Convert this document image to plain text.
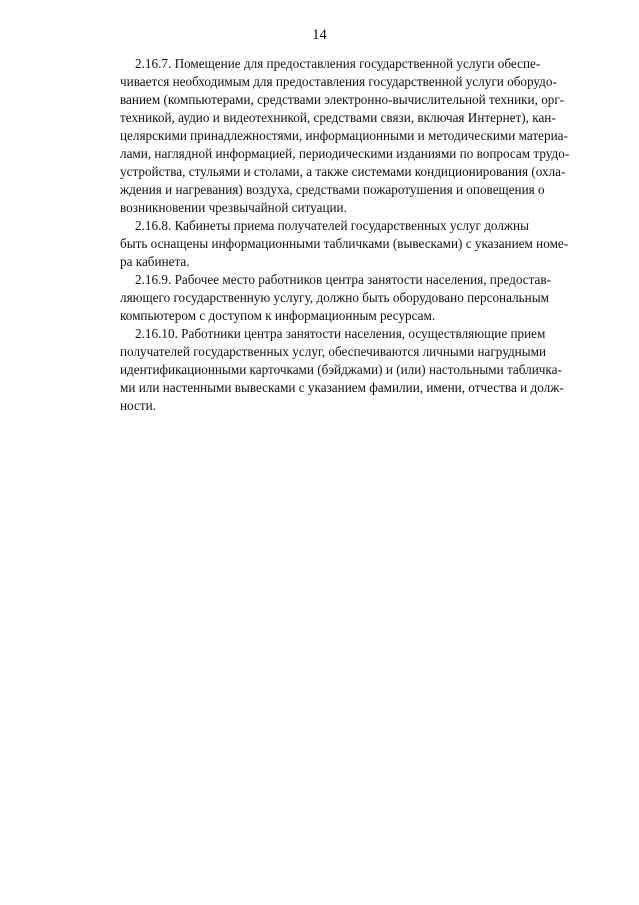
14
2.16.7. Помещение для предоставления государственной услуги обеспе-
чивается необходимым для предоставления государственной услуги оборудо-
ванием (компьютерами, средствами электронно-вычислительной техники, орг-
техникой, аудио и видеотехникой, средствами связи, включая Интернет), кан-
целярскими принадлежностями, информационными и методическими материа-
лами, наглядной информацией, периодическими изданиями по вопросам трудо-
устройства, стульями и столами, а также системами кондиционирования (охла-
ждения и нагревания) воздуха, средствами пожаротушения и оповещения о
возникновении чрезвычайной ситуации.
2.16.8. Кабинеты приема получателей государственных услуг должны
быть оснащены информационными табличками (вывесками) с указанием номе-
ра кабинета.
2.16.9. Рабочее место работников центра занятости населения, предостав-
ляющего государственную услугу, должно быть оборудовано персональным
компьютером с доступом к информационным ресурсам.
2.16.10. Работники центра занятости населения, осуществляющие прием
получателей государственных услуг, обеспечиваются личными нагрудными
идентификационными карточками (бэйджами) и (или) настольными табличка-
ми или настенными вывесками с указанием фамилии, имени, отчества и долж-
ности.
